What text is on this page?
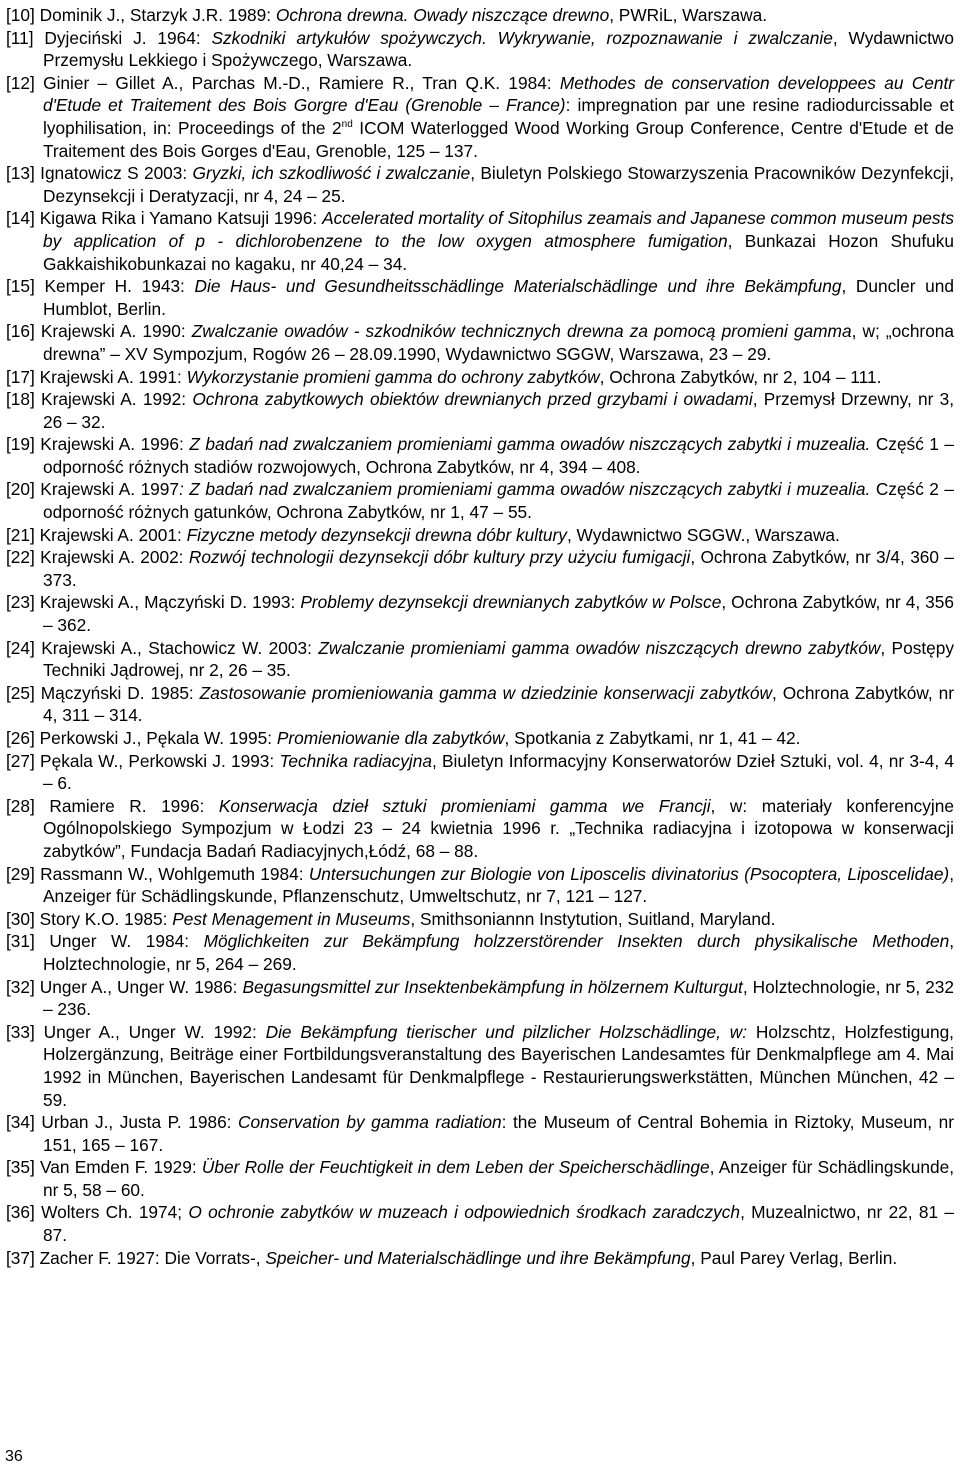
[10] Dominik J., Starzyk J.R. 1989: Ochrona drewna. Owady niszczące drewno, PWRiL, Warszawa.
[11] Dyjeciński J. 1964: Szkodniki artykułów spożywczych. Wykrywanie, rozpoznawanie i zwalczanie, Wydawnictwo Przemysłu Lekkiego i Spożywczego, Warszawa.
[12] Ginier – Gillet A., Parchas M.-D., Ramiere R., Tran Q.K. 1984: Methodes de conservation developpees au Centr d'Etude et Traitement des Bois Gorgre d'Eau (Grenoble – France): impregnation par une resine radiodurcissable et lyophilisation, in: Proceedings of the 2nd ICOM Waterlogged Wood Working Group Conference, Centre d'Etude et de Traitement des Bois Gorges d'Eau, Grenoble, 125 – 137.
[13] Ignatowicz S 2003: Gryzki, ich szkodliwość i zwalczanie, Biuletyn Polskiego Stowarzyszenia Pracowników Dezynfekcji, Dezynsekcji i Deratyzacji, nr 4, 24 – 25.
[14] Kigawa Rika i Yamano Katsuji 1996: Accelerated mortality of Sitophilus zeamais and Japanese common museum pests by application of p - dichlorobenzene to the low oxygen atmosphere fumigation, Bunkazai Hozon Shufuku Gakkaishikobunkazai no kagaku, nr 40,24 – 34.
[15] Kemper H. 1943: Die Haus- und Gesundheitsschädlinge Materialschädlinge und ihre Bekämpfung, Duncler und Humblot, Berlin.
[16] Krajewski A. 1990: Zwalczanie owadów - szkodników technicznych drewna za pomocą promieni gamma, w; „ochrona drewna” – XV Sympozjum, Rogów 26 – 28.09.1990, Wydawnictwo SGGW, Warszawa, 23 – 29.
[17] Krajewski A. 1991: Wykorzystanie promieni gamma do ochrony zabytków, Ochrona Zabytków, nr 2, 104 – 111.
[18] Krajewski A. 1992: Ochrona zabytkowych obiektów drewnianych przed grzybami i owadami, Przemysł Drzewny, nr 3, 26 – 32.
[19] Krajewski A. 1996: Z badań nad zwalczaniem promieniami gamma owadów niszczących zabytki i muzealia. Część 1 – odporność różnych stadiów rozwojowych, Ochrona Zabytków, nr 4, 394 – 408.
[20] Krajewski A. 1997: Z badań nad zwalczaniem promieniami gamma owadów niszczących zabytki i muzealia. Część 2 – odporność różnych gatunków, Ochrona Zabytków, nr 1, 47 – 55.
[21] Krajewski A. 2001: Fizyczne metody dezynsekcji drewna dóbr kultury, Wydawnictwo SGGW., Warszawa.
[22] Krajewski A. 2002: Rozwój technologii dezynsekcji dóbr kultury przy użyciu fumigacji, Ochrona Zabytków, nr 3/4, 360 – 373.
[23] Krajewski A., Mączyński D. 1993: Problemy dezynsekcji drewnianych zabytków w Polsce, Ochrona Zabytków, nr 4, 356 – 362.
[24] Krajewski A., Stachowicz W. 2003: Zwalczanie promieniami gamma owadów niszczących drewno zabytków, Postępy Techniki Jądrowej, nr 2, 26 – 35.
[25] Mączyński D. 1985: Zastosowanie promieniowania gamma w dziedzinie konserwacji zabytków, Ochrona Zabytków, nr 4, 311 – 314.
[26] Perkowski J., Pękala W. 1995: Promieniowanie dla zabytków, Spotkania z Zabytkami, nr 1, 41 – 42.
[27] Pękala W., Perkowski J. 1993: Technika radiacyjna, Biuletyn Informacyjny Konserwatorów Dzieł Sztuki, vol. 4, nr 3-4, 4 – 6.
[28] Ramiere R. 1996: Konserwacja dzieł sztuki promieniami gamma we Francji, w: materiały konferencyjne Ogólnopolskiego Sympozjum w Łodzi 23 – 24 kwietnia 1996 r. „Technika radiacyjna i izotopowa w konserwacji zabytków”, Fundacja Badań Radiacyjnych,Łódź, 68 – 88.
[29] Rassmann W., Wohlgemuth 1984: Untersuchungen zur Biologie von Liposcelis divinatorius (Psocoptera, Liposcelidae), Anzeiger für Schädlingskunde, Pflanzenschutz, Umweltschutz, nr 7, 121 – 127.
[30] Story K.O. 1985: Pest Menagement in Museums, Smithsoniannn Instytution, Suitland, Maryland.
[31] Unger W. 1984: Möglichkeiten zur Bekämpfung holzzerstörender Insekten durch physikalische Methoden, Holztechnologie, nr 5, 264 – 269.
[32] Unger A., Unger W. 1986: Begasungsmittel zur Insektenbekämpfung in hölzernem Kulturgut, Holztechnologie, nr 5, 232 – 236.
[33] Unger A., Unger W. 1992: Die Bekämpfung tierischer und pilzlicher Holzschädlinge, w: Holzschtz, Holzfestigung, Holzergänzung, Beiträge einer Fortbildungsveranstaltung des Bayerischen Landesamtes für Denkmalpflege am 4. Mai 1992 in München, Bayerischen Landesamt für Denkmalpflege - Restaurierungswerkstätten, München München, 42 – 59.
[34] Urban J., Justa P. 1986: Conservation by gamma radiation: the Museum of Central Bohemia in Riztoky, Museum, nr 151, 165 – 167.
[35] Van Emden F. 1929: Über Rolle der Feuchtigkeit in dem Leben der Speicherschädlinge, Anzeiger für Schädlingskunde, nr 5, 58 – 60.
[36] Wolters Ch. 1974; O ochronie zabytków w muzeach i odpowiednich środkach zaradczych, Muzealnictwo, nr 22, 81 – 87.
[37] Zacher F. 1927: Die Vorrats-, Speicher- und Materialschädlinge und ihre Bekämpfung, Paul Parey Verlag, Berlin.
36
